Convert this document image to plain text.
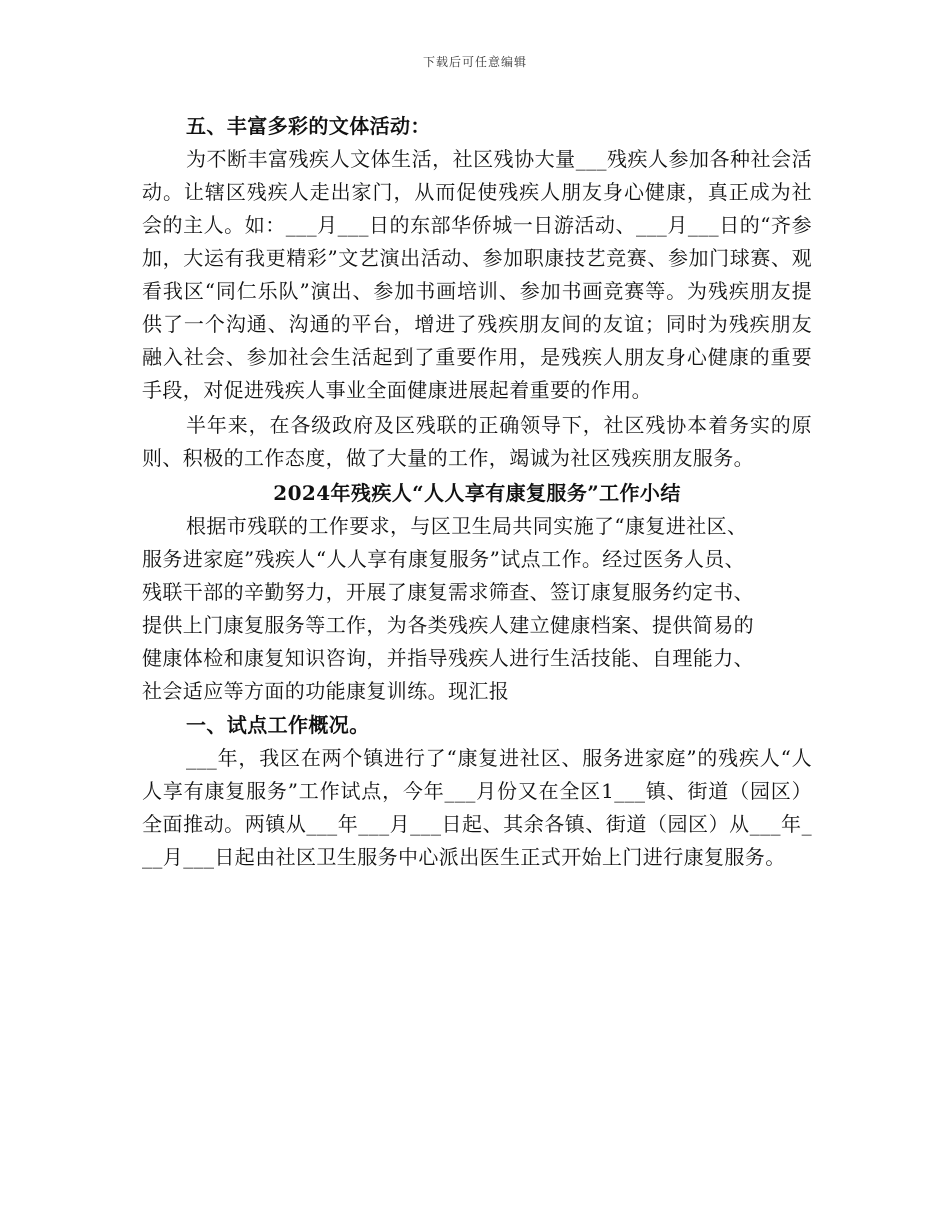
下载后可任意编辑

五、丰富多彩的文体活动：

为不断丰富残疾人文体生活，社区残协大量___残疾人参加各种社会活动。让辖区残疾人走出家门，从而促使残疾人朋友身心健康，真正成为社会的主人。如：___月___日的东部华侨城一日游活动、___月___日的“齐参加，大运有我更精彩”文艺演出活动、参加职康技艺竞赛、参加门球赛、观看我区“同仁乐队”演出、参加书画培训、参加书画竞赛等。为残疾朋友提供了一个沟通、沟通的平台，增进了残疾朋友间的友谊；同时为残疾朋友融入社会、参加社会生活起到了重要作用，是残疾人朋友身心健康的重要手段，对促进残疾人事业全面健康进展起着重要的作用。

半年来，在各级政府及区残联的正确领导下，社区残协本着务实的原则、积极的工作态度，做了大量的工作，竭诚为社区残疾朋友服务。

2024年残疾人“人人享有康复服务”工作小结

根据市残联的工作要求，与区卫生局共同实施了“康复进社区、
服务进家庭”残疾人“人人享有康复服务”试点工作。经过医务人员、
残联干部的辛勤努力，开展了康复需求筛查、签订康复服务约定书、
提供上门康复服务等工作，为各类残疾人建立健康档案、提供简易的
健康体检和康复知识咨询，并指导残疾人进行生活技能、自理能力、
社会适应等方面的功能康复训练。现汇报

一、试点工作概况。

___年，我区在两个镇进行了“康复进社区、服务进家庭”的残疾人“人人享有康复服务”工作试点，今年___月份又在全区1___镇、街道（园区）全面推动。两镇从___年___月___日起、其余各镇、街道（园区）从___年___月___日起由社区卫生服务中心派出医生正式开始上门进行康复服务。
